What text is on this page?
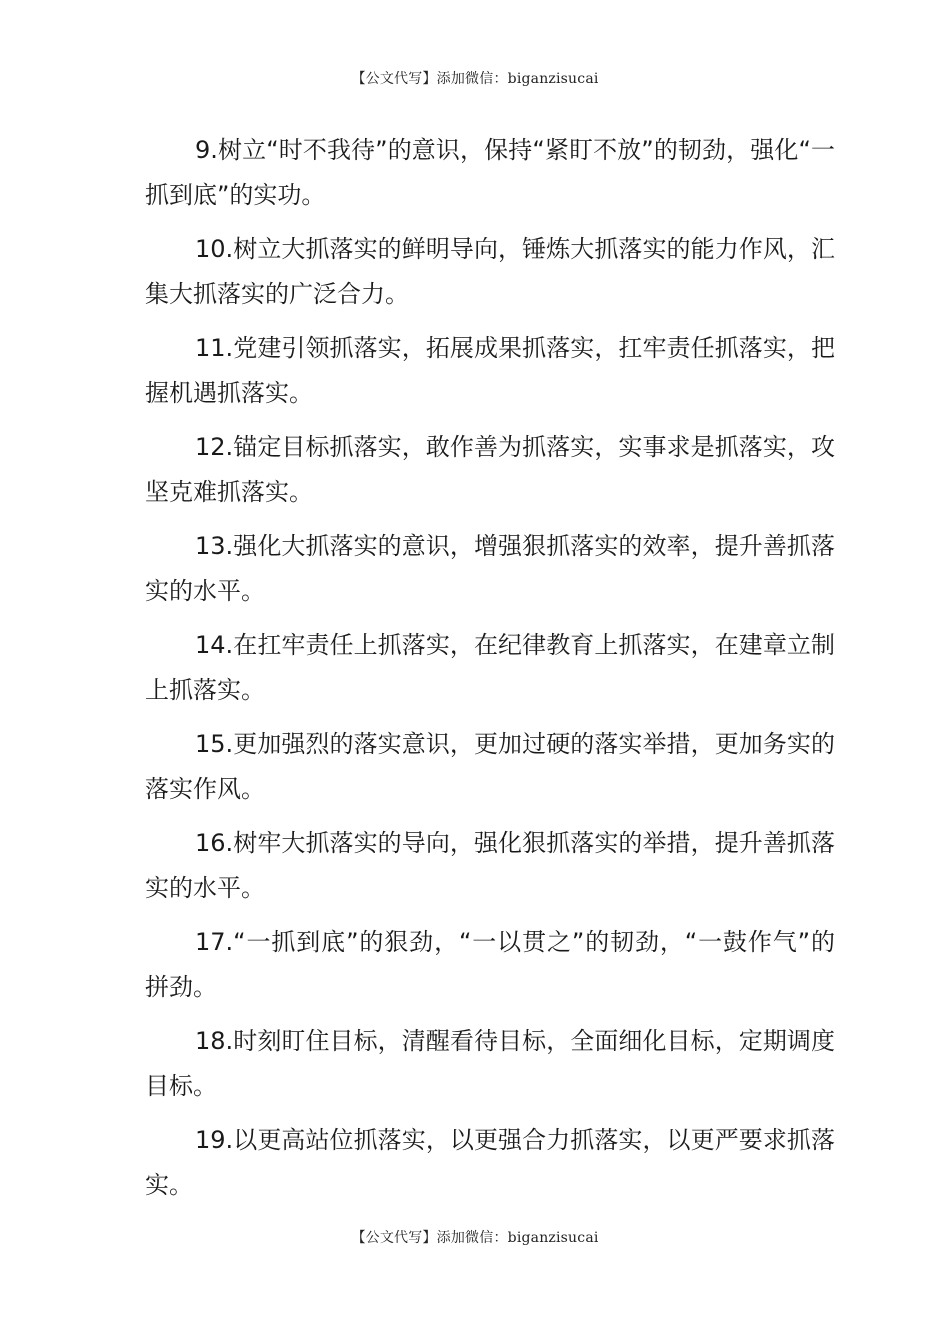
【公文代写】添加微信：biganzisucai

9.树立“时不我待”的意识，保持“紧盯不放”的韧劲，强化“一抓到底”的实功。

10.树立大抓落实的鲜明导向，锤炼大抓落实的能力作风，汇集大抓落实的广泛合力。

11.党建引领抓落实，拓展成果抓落实，扛牢责任抓落实，把握机遇抓落实。

12.锚定目标抓落实，敢作善为抓落实，实事求是抓落实，攻坚克难抓落实。

13.强化大抓落实的意识，增强狠抓落实的效率，提升善抓落实的水平。

14.在扛牢责任上抓落实，在纪律教育上抓落实，在建章立制上抓落实。

15.更加强烈的落实意识，更加过硬的落实举措，更加务实的落实作风。

16.树牢大抓落实的导向，强化狠抓落实的举措，提升善抓落实的水平。

17.“一抓到底”的狠劲，“一以贯之”的韧劲，“一鼓作气”的拼劲。

18.时刻盯住目标，清醒看待目标，全面细化目标，定期调度目标。

19.以更高站位抓落实，以更强合力抓落实，以更严要求抓落实。

【公文代写】添加微信：biganzisucai
